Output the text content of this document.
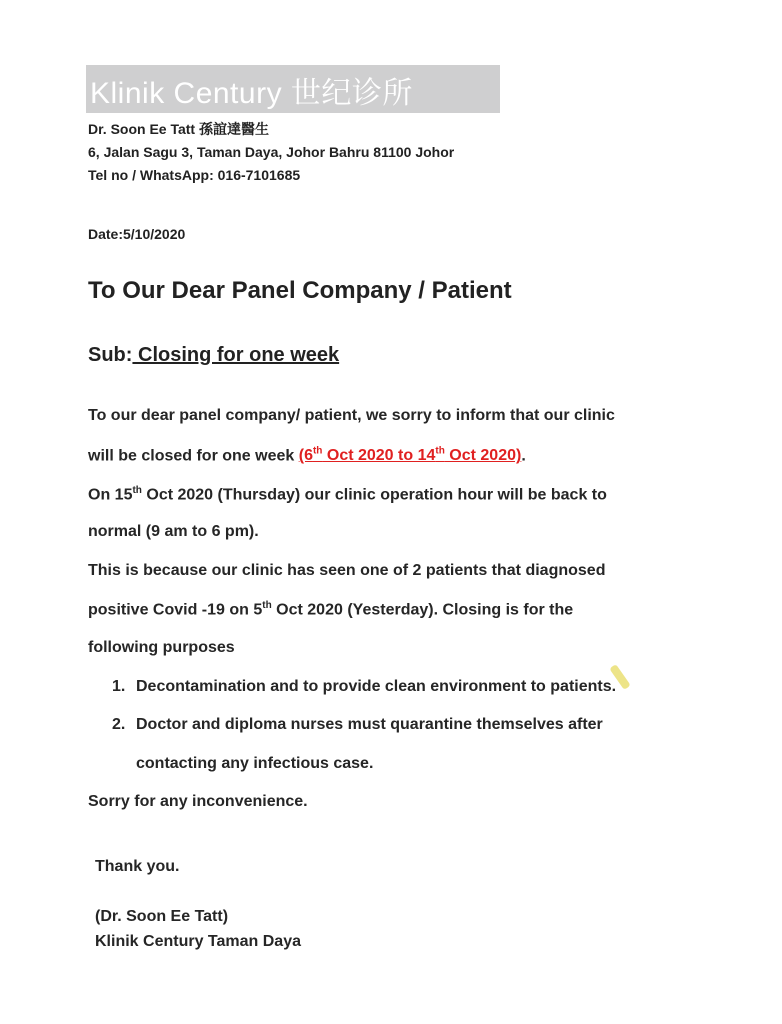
Klinik Century 世纪诊所
Dr. Soon Ee Tatt 孫誼達醫生
6, Jalan Sagu 3, Taman Daya, Johor Bahru 81100 Johor
Tel no / WhatsApp: 016-7101685
Date:5/10/2020
To Our Dear Panel Company / Patient
Sub: Closing for one week
To our dear panel company/ patient, we sorry to inform that our clinic
will be closed for one week (6th Oct 2020 to 14th Oct 2020).
On 15th Oct 2020 (Thursday) our clinic operation hour will be back to
normal (9 am to 6 pm).
This is because our clinic has seen one of 2 patients that diagnosed
positive Covid -19 on 5th Oct 2020 (Yesterday). Closing is for the
following purposes
1. Decontamination and to provide clean environment to patients.
2. Doctor and diploma nurses must quarantine themselves after
contacting any infectious case.
Sorry for any inconvenience.
Thank you.
(Dr. Soon Ee Tatt)
Klinik Century Taman Daya
